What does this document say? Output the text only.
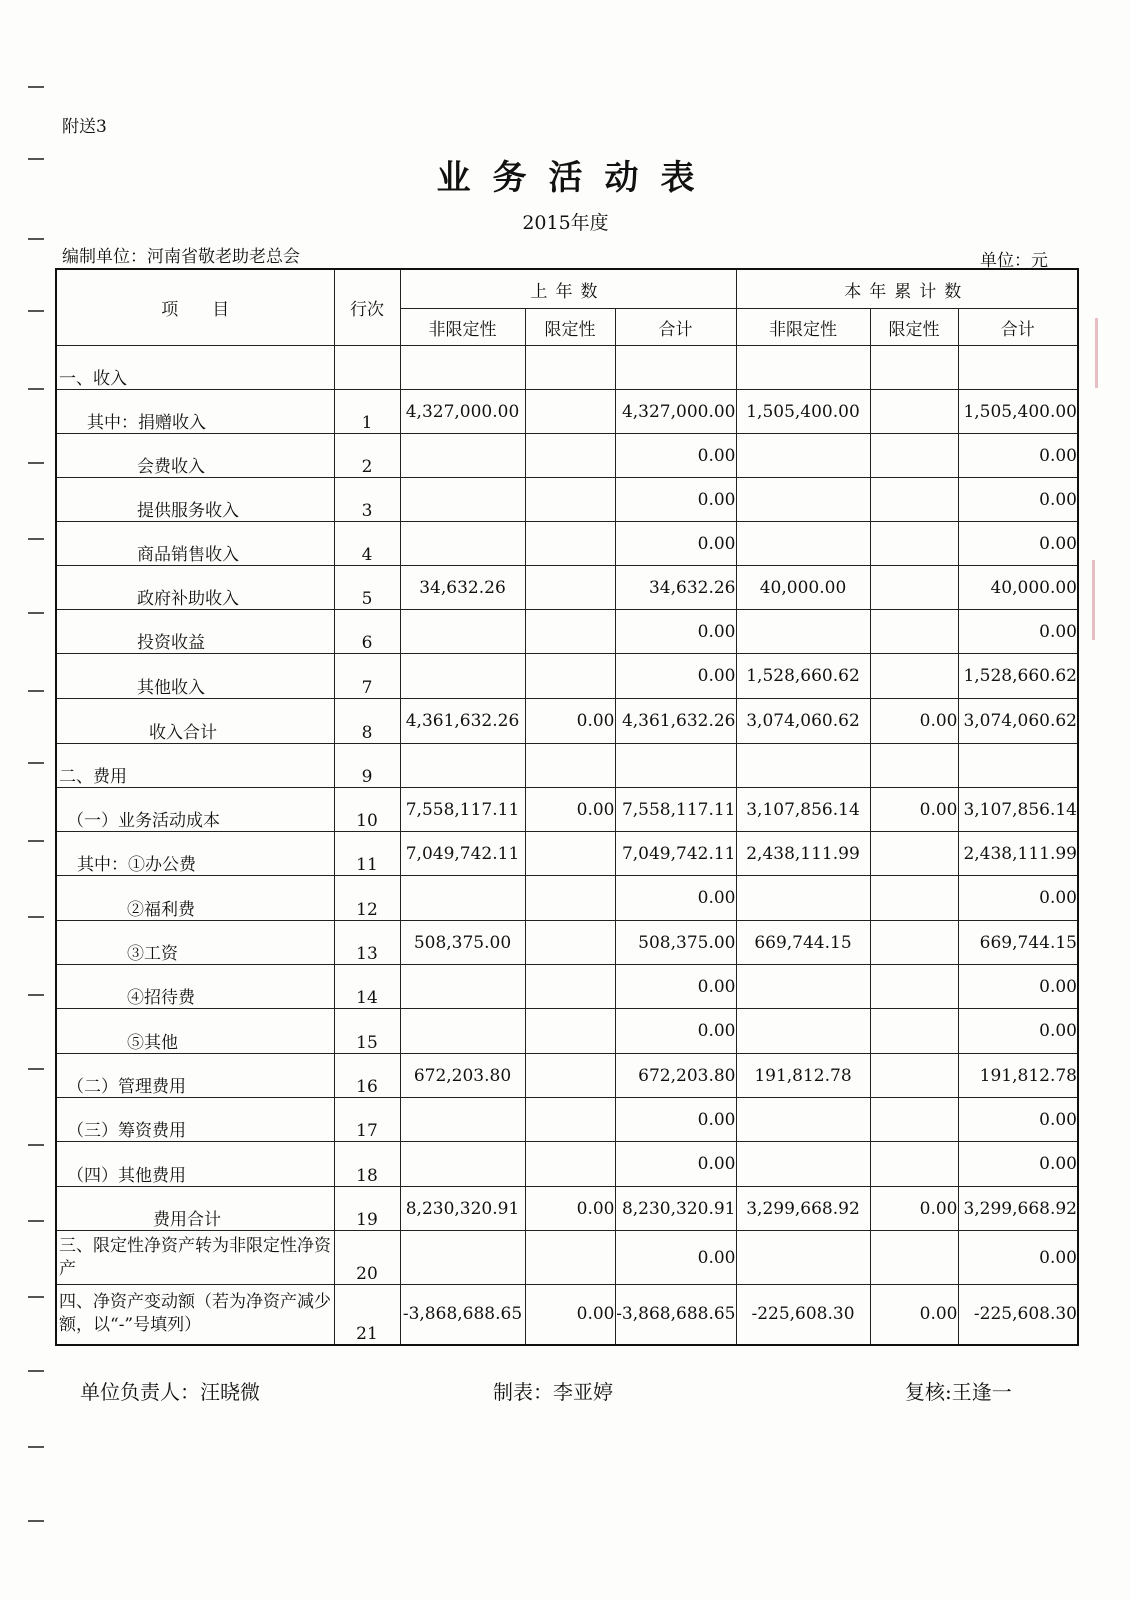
附送3
业务活动表
2015年度
编制单位：河南省敬老助老总会	单位：元
项　　目	行次	上年数			本年累计数		
		非限定性	限定性	合计	非限定性	限定性	合计
一、收入							
其中：捐赠收入	1	4,327,000.00		4,327,000.00	1,505,400.00		1,505,400.00
会费收入	2			0.00			0.00
提供服务收入	3			0.00			0.00
商品销售收入	4			0.00			0.00
政府补助收入	5	34,632.26		34,632.26	40,000.00		40,000.00
投资收益	6			0.00			0.00
其他收入	7			0.00	1,528,660.62		1,528,660.62
收入合计	8	4,361,632.26	0.00	4,361,632.26	3,074,060.62	0.00	3,074,060.62
二、费用	9						
（一）业务活动成本	10	7,558,117.11	0.00	7,558,117.11	3,107,856.14	0.00	3,107,856.14
其中：①办公费	11	7,049,742.11		7,049,742.11	2,438,111.99		2,438,111.99
②福利费	12			0.00			0.00
③工资	13	508,375.00		508,375.00	669,744.15		669,744.15
④招待费	14			0.00			0.00
⑤其他	15			0.00			0.00
（二）管理费用	16	672,203.80		672,203.80	191,812.78		191,812.78
（三）筹资费用	17			0.00			0.00
（四）其他费用	18			0.00			0.00
费用合计	19	8,230,320.91	0.00	8,230,320.91	3,299,668.92	0.00	3,299,668.92
三、限定性净资产转为非限定性净资产	20			0.00			0.00
四、净资产变动额（若为净资产减少额，以“-”号填列）	21	-3,868,688.65	0.00	-3,868,688.65	-225,608.30	0.00	-225,608.30
单位负责人：汪晓微	制表：李亚婷	复核:王逢一
